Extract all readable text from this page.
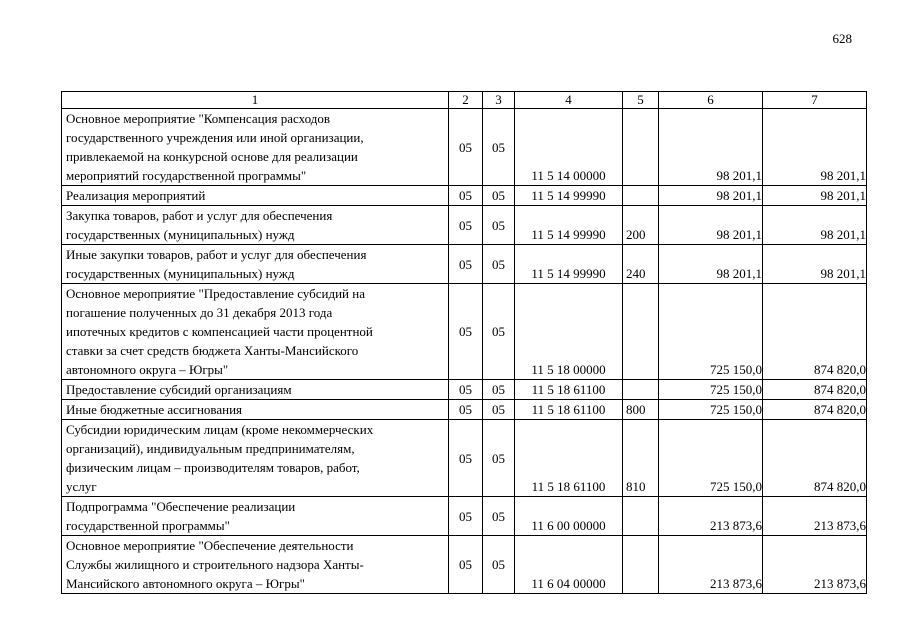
628
1	2	3	4	5	6	7

Основное мероприятие "Компенсация расходов
государственного учреждения или иной организации,
привлекаемой на конкурсной основе для реализации
мероприятий государственной программы"	05	05	11 5 14 00000		98 201,1	98 201,1

Реализация мероприятий	05	05	11 5 14 99990		98 201,1	98 201,1

Закупка товаров, работ и услуг для обеспечения
государственных (муниципальных) нужд	05	05	11 5 14 99990	200	98 201,1	98 201,1

Иные закупки товаров, работ и услуг для обеспечения
государственных (муниципальных) нужд	05	05	11 5 14 99990	240	98 201,1	98 201,1

Основное мероприятие "Предоставление субсидий на
погашение полученных до 31 декабря 2013 года
ипотечных кредитов с компенсацией части процентной
ставки за счет средств бюджета Ханты-Мансийского
автономного округа – Югры"	05	05	11 5 18 00000		725 150,0	874 820,0

Предоставление субсидий организациям	05	05	11 5 18 61100		725 150,0	874 820,0

Иные бюджетные ассигнования	05	05	11 5 18 61100	800	725 150,0	874 820,0

Субсидии юридическим лицам (кроме некоммерческих
организаций), индивидуальным предпринимателям,
физическим лицам – производителям товаров, работ,
услуг	05	05	11 5 18 61100	810	725 150,0	874 820,0

Подпрограмма "Обеспечение реализации
государственной программы"	05	05	11 6 00 00000		213 873,6	213 873,6

Основное мероприятие "Обеспечение деятельности
Службы жилищного и строительного надзора Ханты-
Мансийского автономного округа – Югры"	05	05	11 6 04 00000		213 873,6	213 873,6
